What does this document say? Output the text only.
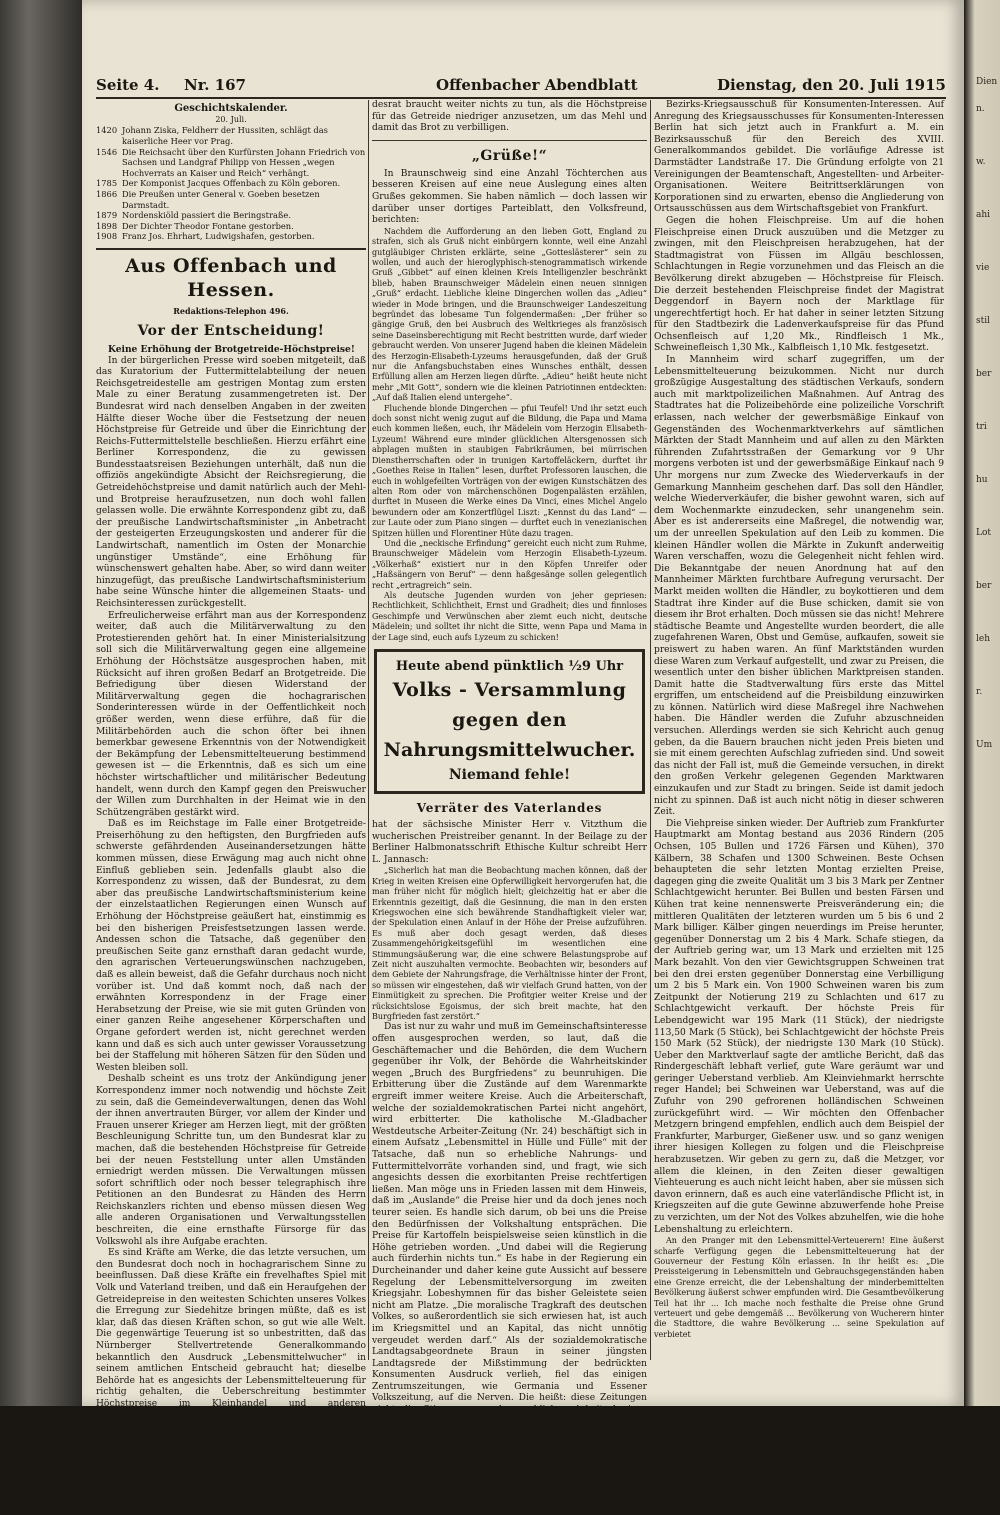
Seite 4. Nr. 167	Offenbacher Abendblatt	Dienstag, den 20. Juli 1915
Geschichtskalender.
20. Juli.
1420 Johann Ziska, Feldherr der Hussiten, schlägt das kaiserliche Heer vor Prag.
1546 Die Reichsacht über den Kurfürsten Johann Friedrich von Sachsen und Landgraf Philipp von Hessen „wegen Hochverrats an Kaiser und Reich“ verhängt.
1785 Der Komponist Jacques Offenbach zu Köln geboren.
1866 Die Preußen unter General v. Goeben besetzen Darmstadt.
1879 Nordenskiöld passiert die Beringstraße.
1898 Der Dichter Theodor Fontane gestorben.
1908 Franz Jos. Ehrhart, Ludwigshafen, gestorben.
Aus Offenbach und Hessen.
Redaktions-Telephon 496.
Vor der Entscheidung!

Keine Erhöhung der Brotgetreide-Höchstpreise!

In der bürgerlichen Presse wird soeben mitgeteilt, daß das Kuratorium der Futtermittelabteilung der neuen Reichsgetreidestelle am gestrigen Montag zum ersten Male zu einer Beratung zusammengetreten ist. Der Bundesrat wird nach denselben Angaben in der zweiten Hälfte dieser Woche über die Festsetzung der neuen Höchstpreise für Getreide und über die Einrichtung der Reichs-Futtermittelstelle beschließen. Hierzu erfährt eine Berliner Korrespondenz, die zu gewissen Bundesstaatsreisen Beziehungen unterhält, daß nun die offiziös angekündigte Absicht der Reichsregierung, die Getreidehöchstpreise und damit natürlich auch der Mehl- und Brotpreise heraufzusetzen, nun doch wohl fallen gelassen wolle. Die erwähnte Korrespondenz gibt zu, daß der preußische Landwirtschaftsminister „in Anbetracht der gesteigerten Erzeugungskosten und anderer für die Landwirtschaft, namentlich im Osten der Monarchie ungünstiger Umstände“, eine Erhöhung für wünschenswert gehalten habe. Aber, so wird dann weiter hinzugefügt, das preußische Landwirtschaftsministerium habe seine Wünsche hinter die allgemeinen Staats- und Reichsinteressen zurückgestellt.

Erfreulicherweise erfährt man aus der Korrespondenz weiter, daß auch die Militärverwaltung zu den Protestierenden gehört hat. In einer Ministerialsitzung soll sich die Militärverwaltung gegen eine allgemeine Erhöhung der Höchstsätze ausgesprochen haben, mit Rücksicht auf ihren großen Bedarf an Brotgetreide. Die Befriedigung über diesen Widerstand der Militärverwaltung gegen die hochagrarischen Sonderinteressen würde in der Oeffentlichkeit noch größer werden, wenn diese erführe, daß für die Militärbehörden auch die schon öfter bei ihnen bemerkbar gewesene Erkenntnis von der Notwendigkeit der Bekämpfung der Lebensmittelteuerung bestimmend gewesen ist — die Erkenntnis, daß es sich um eine höchster wirtschaftlicher und militärischer Bedeutung handelt, wenn durch den Kampf gegen den Preiswucher der Willen zum Durchhalten in der Heimat wie in den Schützengräben gestärkt wird.

Daß es im Reichstage im Falle einer Brotgetreide-Preiserhöhung zu den heftigsten, den Burgfrieden aufs schwerste gefährdenden Auseinandersetzungen hätte kommen müssen, diese Erwägung mag auch nicht ohne Einfluß geblieben sein. Jedenfalls glaubt also die Korrespondenz zu wissen, daß der Bundesrat, zu dem aber das preußische Landwirtschaftsministerium keine der einzelstaatlichen Regierungen einen Wunsch auf Erhöhung der Höchstpreise geäußert hat, einstimmig es bei den bisherigen Preisfestsetzungen lassen werde. Andessen schon die Tatsache, daß gegenüber den preußischen Seite ganz ernsthaft daran gedacht wurde, den agrarischen Verteuerungswünschen nachzugeben, daß es allein beweist, daß die Gefahr durchaus noch nicht vorüber ist. Und daß kommt noch, daß nach der erwähnten Korrespondenz in der Frage einer Herabsetzung der Preise, wie sie mit guten Gründen von einer ganzen Reihe angesehener Körperschaften und Organe gefordert werden ist, nicht gerechnet werden kann und daß es sich auch unter gewisser Voraussetzung bei der Staffelung mit höheren Sätzen für den Süden und Westen bleiben soll.

Deshalb scheint es uns trotz der Ankündigung jener Korrespondenz immer noch notwendig und höchste Zeit zu sein, daß die Gemeindeverwaltungen, denen das Wohl der ihnen anvertrauten Bürger, vor allem der Kinder und Frauen unserer Krieger am Herzen liegt, mit der größten Beschleunigung Schritte tun, um den Bundesrat klar zu machen, daß die bestehenden Höchstpreise für Getreide bei der neuen Feststellung unter allen Umständen erniedrigt werden müssen. Die Verwaltungen müssen sofort schriftlich oder noch besser telegraphisch ihre Petitionen an den Bundesrat zu Händen des Herrn Reichskanzlers richten und ebenso müssen diesen Weg alle anderen Organisationen und Verwaltungsstellen beschreiten, die eine ernsthafte Fürsorge für das Volkswohl als ihre Aufgabe erachten.

Es sind Kräfte am Werke, die das letzte versuchen, um den Bundesrat doch noch in hochagrarischem Sinne zu beeinflussen. Daß diese Kräfte ein frevelhaftes Spiel mit Volk und Vaterland treiben, und daß ein Heraufgehen der Getreidepreise in den weitesten Schichten unseres Volkes die Erregung zur Siedehitze bringen müßte, daß es ist klar, daß das diesen Kräften schon, so gut wie alle Welt. Die gegenwärtige Teuerung ist so unbestritten, daß das Nürnberger Stellvertretende Generalkommando bekanntlich den Ausdruck „Lebensmittelwucher“ in seinem amtlichen Entscheid gebraucht hat; dieselbe Behörde hat es angesichts der Lebensmittelteuerung für richtig gehalten, die Ueberschreitung bestimmter Höchstpreise im Kleinhandel und anderen Lebensmittelwucher mit Gefängnisstrafe bis zu einem Jahre bedroht und die militärischen Behörden in einigen anderen Städten sind diesem Beispiel gefolgt. Jetzt sieht es für die Reichsleitung die Gelegenheit, der gegenwärtigen Teuerung auf einem wichtigen Gebiet der menschlichen Ernährung, auf dem der Brotversorgung, von vornherein und durchgreifend für das ganze deutsche Reich und für das ganze kommende Wirtschaftsjahr zu unterbinden. Der Bun-

desrat braucht weiter nichts zu tun, als die Höchstpreise für das Getreide niedriger anzusetzen, um das Mehl und damit das Brot zu verbilligen.

„Grüße!“

In Braunschweig sind eine Anzahl Töchterchen aus besseren Kreisen auf eine neue Auslegung eines alten Grußes gekommen. Sie haben nämlich — doch lassen wir darüber unser dortiges Parteiblatt, den Volksfreund, berichten:

Nachdem die Aufforderung an den lieben Gott, England zu strafen, sich als Gruß nicht einbürgern konnte, weil eine Anzahl gutgläubiger Christen erklärte, seine „Gotteslästerer“ sein zu wollen, und auch der hieroglyphisch-stenogrammatisch wirkende Gruß „Gibbet“ auf einen kleinen Kreis Intelligenzler beschränkt blieb, haben Braunschweiger Mädelein einen neuen sinnigen „Gruß“ erdacht. Liebliche kleine Dingerchen wollen das „Adieu“ wieder in Mode bringen, und die Braunschweiger Landeszeitung begründet das lobesame Tun folgendermaßen: „Der früher so gängige Gruß, den bei Ausbruch des Weltkrieges als französisch seine Daseinsberechtigung mit Recht bestritten wurde, darf wieder gebraucht werden. Von unserer Jugend haben die kleinen Mädelein des Herzogin-Elisabeth-Lyzeums herausgefunden, daß der Gruß nur die Anfangsbuchstaben eines Wunsches enthält, dessen Erfüllung allen am Herzen liegen dürfte. „Adieu“ heißt heute nicht mehr „Mit Gott“, sondern wie die kleinen Patriotinnen entdeckten: „Auf daß Italien elend untergehe“.

Fluchende blonde Dingerchen — pfui Teufel! Und ihr setzt euch doch sonst nicht wenig zugut auf die Bildung, die Papa und Mama euch kommen ließen, euch, ihr Mädelein vom Herzogin Elisabeth-Lyzeum! Während eure minder glücklichen Altersgenossen sich abplagen mußten in staubigen Fabrikräumen, bei mürrischen Dienstherrschaften oder in trunigen Kartoffeläckern, durftet ihr „Goethes Reise in Italien“ lesen, durftet Professoren lauschen, die euch in wohlgefeilten Vorträgen von der ewigen Kunstschätzen des alten Rom oder von märchenschönen Dogenpalästen erzählen, durftet in Museen die Werke eines Da Vinci, eines Michel Angelo bewundern oder am Konzertflügel Liszt: „Kennst du das Land“ — zur Laute oder zum Piano singen — durftet euch in venezianischen Spitzen hüllen und Florentiner Hüte dazu tragen.

Und die „neckische Erfindung“ gereicht euch nicht zum Ruhme, Braunschweiger Mädelein vom Herzogin Elisabeth-Lyzeum. „Völkerhaß“ existiert nur in den Köpfen Unreifer oder „Haßsängern von Beruf“ — denn haßgesänge sollen gelegentlich recht „ertragreich“ sein.

Als deutsche Jugenden wurden von jeher gepriesen: Rechtlichkeit, Schlichtheit, Ernst und Gradheit; dies und finnloses Geschimpfe und Verwünschen aber ziemt euch nicht, deutsche Mädelein; und solltet ihr nicht die Sitte, wenn Papa und Mama in der Lage sind, euch aufs Lyzeum zu schicken!

Heute abend pünktlich ½9 Uhr
Volks - Versammlung gegen den
Nahrungsmittelwucher.
Niemand fehle!
Verräter des Vaterlandes

hat der sächsische Minister Herr v. Vitzthum die wucherischen Preistreiber genannt. In der Beilage zu der Berliner Halbmonatsschrift Ethische Kultur schreibt Herr L. Jannasch:

„Sicherlich hat man die Beobachtung machen können, daß der Krieg in weiten Kreisen eine Opferwilligkeit hervorgerufen hat, die man früher nicht für möglich hielt; gleichzeitig hat er aber die Erkenntnis gezeitigt, daß die Gesinnung, die man in den ersten Kriegswochen eine sich bewährende Standhaftigkeit vieler war, der Spekulation einen Anlauf in der Höhe der Preise aufzuführen. Es muß aber doch gesagt werden, daß dieses Zusammengehörigkeitsgefühl im wesentlichen eine Stimmungsäußerung war, die eine schwere Belastungsprobe auf Zeit nicht auszuhalten vermochte. Beobachten wir, besonders auf dem Gebiete der Nahrungsfrage, die Verhältnisse hinter der Front, so müssen wir eingestehen, daß wir vielfach Grund hatten, von der Einmütigkeit zu sprechen. Die Profitgier weiter Kreise und der rücksichtslose Egoismus, der sich breit machte, hat den Burgfrieden fast zerstört.“

Das ist nur zu wahr und muß im Gemeinschaftsinteresse offen ausgesprochen werden, so laut, daß die Geschäftemacher und die Behörden, die dem Wuchern gegenüber ihr Volk, der Behörde die Wahrheitskinder wegen „Bruch des Burgfriedens“ zu beunruhigen. Die Erbitterung über die Zustände auf dem Warenmarkte ergreift immer weitere Kreise. Auch die Arbeiterschaft, welche der sozialdemokratischen Partei nicht angehört, wird erbitterter. Die katholische M.-Gladbacher Westdeutsche Arbeiter-Zeitung (Nr. 24) beschäftigt sich in einem Aufsatz „Lebensmittel in Hülle und Fülle“ mit der Tatsache, daß nun so erhebliche Nahrungs- und Futtermittelvorräte vorhanden sind, und fragt, wie sich angesichts dessen die exorbitanten Preise rechtfertigen ließen. Man möge uns in Frieden lassen mit dem Hinweis, daß im „Auslande“ die Preise hier und da doch jenes noch teurer seien. Es handle sich darum, ob bei uns die Preise den Bedürfnissen der Volkshaltung entsprächen. Die Preise für Kartoffeln beispielsweise seien künstlich in die Höhe getrieben worden. „Und dabei will die Regierung auch fürderhin nichts tun.“ Es habe in der Regierung ein Durcheinander und daher keine gute Aussicht auf bessere Regelung der Lebensmittelversorgung im zweiten Kriegsjahr. Lobeshymnen für das bisher Geleistete seien nicht am Platze. „Die moralische Tragkraft des deutschen Volkes, so außerordentlich sie sich erwiesen hat, ist auch im Kriegsmittel und an Kapital, das nicht unnötig vergeudet werden darf.“ Als der sozialdemokratische Landtagsabgeordnete Braun in seiner jüngsten Landtagsrede der Mißstimmung der bedrückten Konsumenten Ausdruck verlieh, fiel das einigen Zentrumszeitungen, wie Germania und Essener Volkszeitung, auf die Nerven. Die heißt: diese Zeitungen nicht die Stimmung an der sachlichen Arbeiterkreisen richtig wiedergeben, beweist die scharfe Anklage der Westdeutschen Arbeiter-Zeitung.

Bezirks-Kriegsausschuß für Konsumenten-Interessen. Auf Anregung des Kriegsausschusses für Konsumenten-Interessen Berlin hat sich jetzt auch in Frankfurt a. M. ein Bezirksausschuß für den Bereich des XVIII. Generalkommandos gebildet. Die vorläufige Adresse ist Darmstädter Landstraße 17. Die Gründung erfolgte von 21 Vereinigungen der Beamtenschaft, Angestellten- und Arbeiter-Organisationen. Weitere Beitrittserklärungen von Korporationen sind zu erwarten, ebenso die Angliederung von Ortsausschüssen aus dem Wirtschaftsgebiet von Frankfurt.

Gegen die hohen Fleischpreise. Um auf die hohen Fleischpreise einen Druck auszuüben und die Metzger zu zwingen, mit den Fleischpreisen herabzugehen, hat der Stadtmagistrat von Füssen im Allgäu beschlossen, Schlachtungen in Regie vorzunehmen und das Fleisch an die Bevölkerung direkt abzugeben — Höchstpreise für Fleisch. Die derzeit bestehenden Fleischpreise findet der Magistrat Deggendorf in Bayern noch der Marktlage für ungerechtfertigt hoch. Er hat daher in seiner letzten Sitzung für den Stadtbezirk die Ladenverkaufspreise für das Pfund Ochsenfleisch auf 1,20 Mk., Rindfleisch 1 Mk., Schweinefleisch 1,30 Mk., Kalbfleisch 1,10 Mk. festgesetzt.

In Mannheim wird scharf zugegriffen, um der Lebensmittelteuerung beizukommen. Nicht nur durch großzügige Ausgestaltung des städtischen Verkaufs, sondern auch mit marktpolizeilichen Maßnahmen. Auf Antrag des Stadtrates hat die Polizeibehörde eine polizeiliche Vorschrift erlassen, nach welcher der gewerbsmäßige Einkauf von Gegenständen des Wochenmarktverkehrs auf sämtlichen Märkten der Stadt Mannheim und auf allen zu den Märkten führenden Zufahrtsstraßen der Gemarkung vor 9 Uhr morgens verboten ist und der gewerbsmäßige Einkauf nach 9 Uhr morgens nur zum Zwecke des Wiederverkaufs in der Gemarkung Mannheim geschehen darf. Das soll den Händler, welche Wiederverkäufer, die bisher gewohnt waren, sich auf dem Wochenmarkte einzudecken, sehr unangenehm sein. Aber es ist andererseits eine Maßregel, die notwendig war, um der unreellen Spekulation auf den Leib zu kommen. Die kleinen Händler wollen die Märkte in Zukunft anderweitig Waren verschaffen, wozu die Gelegenheit nicht fehlen wird. Die Bekanntgabe der neuen Anordnung hat auf den Mannheimer Märkten furchtbare Aufregung verursacht. Der Markt meiden wollten die Händler, zu boykottieren und dem Stadtrat ihre Kinder auf die Buse schicken, damit sie von diesem ihr Brot erhalten. Doch müssen sie das nicht! Mehrere städtische Beamte und Angestellte wurden beordert, die alle zugefahrenen Waren, Obst und Gemüse, aufkaufen, soweit sie preiswert zu haben waren. An fünf Marktständen wurden diese Waren zum Verkauf aufgestellt, und zwar zu Preisen, die wesentlich unter den bisher üblichen Marktpreisen standen. Damit hatte die Stadtverwaltung fürs erste das Mittel ergriffen, um entscheidend auf die Preisbildung einzuwirken zu können. Natürlich wird diese Maßregel ihre Nachwehen haben. Die Händler werden die Zufuhr abzuschneiden versuchen. Allerdings werden sie sich Kehricht auch genug geben, da die Bauern brauchen nicht jeden Preis bieten und sie mit einem gerechten Aufschlag zufrieden sind. Und soweit das nicht der Fall ist, muß die Gemeinde versuchen, in direkt den großen Verkehr gelegenen Gegenden Marktwaren einzukaufen und zur Stadt zu bringen. Seide ist damit jedoch nicht zu spinnen. Daß ist auch nicht nötig in dieser schweren Zeit.

Die Viehpreise sinken wieder. Der Auftrieb zum Frankfurter Hauptmarkt am Montag bestand aus 2036 Rindern (205 Ochsen, 105 Bullen und 1726 Färsen und Kühen), 370 Kälbern, 38 Schafen und 1300 Schweinen. Beste Ochsen behaupteten die sehr letzten Montag erzielten Preise, dagegen ging die zweite Qualität um 3 bis 3 Mark per Zentner Schlachtgewicht herunter. Bei Bullen und besten Färsen und Kühen trat keine nennenswerte Preisveränderung ein; die mittleren Qualitäten der letzteren wurden um 5 bis 6 und 2 Mark billiger. Kälber gingen neuerdings im Preise herunter, gegenüber Donnerstag um 2 bis 4 Mark. Schafe stiegen, da der Auftrieb gering war, um 13 Mark und erzielten mit 125 Mark bezahlt. Von den vier Gewichtsgruppen Schweinen trat bei den drei ersten gegenüber Donnerstag eine Verbilligung um 2 bis 5 Mark ein. Von 1900 Schweinen waren bis zum Zeitpunkt der Notierung 219 zu Schlachten und 617 zu Schlachtgewicht verkauft. Der höchste Preis für Lebendgewicht war 195 Mark (11 Stück), der niedrigste 113,50 Mark (5 Stück), bei Schlachtgewicht der höchste Preis 150 Mark (52 Stück), der niedrigste 130 Mark (10 Stück). Ueber den Marktverlauf sagte der amtliche Bericht, daß das Rindergeschäft lebhaft verlief, gute Ware geräumt war und geringer Ueberstand verblieb. Am Kleinviehmarkt herrschte reger Handel; bei Schweinen war Ueberstand, was auf die Zufuhr von 290 gefrorenen holländischen Schweinen zurückgeführt wird. — Wir möchten den Offenbacher Metzgern bringend empfehlen, endlich auch dem Beispiel der Frankfurter, Marburger, Gießener usw. und so ganz wenigen ihrer hiesigen Kollegen zu folgen und die Fleischpreise herabzusetzen. Wir geben zu gern zu, daß die Metzger, vor allem die kleinen, in den Zeiten dieser gewaltigen Viehteuerung es auch nicht leicht haben, aber sie müssen sich davon erinnern, daß es auch eine vaterländische Pflicht ist, in Kriegszeiten auf die gute Gewinne abzuwerfende hohe Preise zu verzichten, um der Not des Volkes abzuhelfen, wie die hohe Lebenshaltung zu erleichtern.

An den Pranger mit den Lebensmittel-Verteuerern! Eine äußerst scharfe Verfügung gegen die Lebensmittelteuerung hat der Gouverneur der Festung Köln erlassen. In ihr heißt es: „Die Preissteigerung in Lebensmitteln und Gebrauchsgegenständen haben eine Grenze erreicht, die der Lebenshaltung der minderbemittelten Bevölkerung äußerst schwer empfunden wird. Die Gesamtbevölkerung Teil hat ihr ... Ich mache noch festhalte die Preise ohne Grund verteuert und gebe demgemäß ... Bevölkerung von Wucherern hinter die Stadttore, die wahre Bevölkerung ... seine Spekulation auf verbietet

Dien
n.
w.
ahi
vie
stil
ber
tri
hu
Lot
ber
leh
r.
Um
